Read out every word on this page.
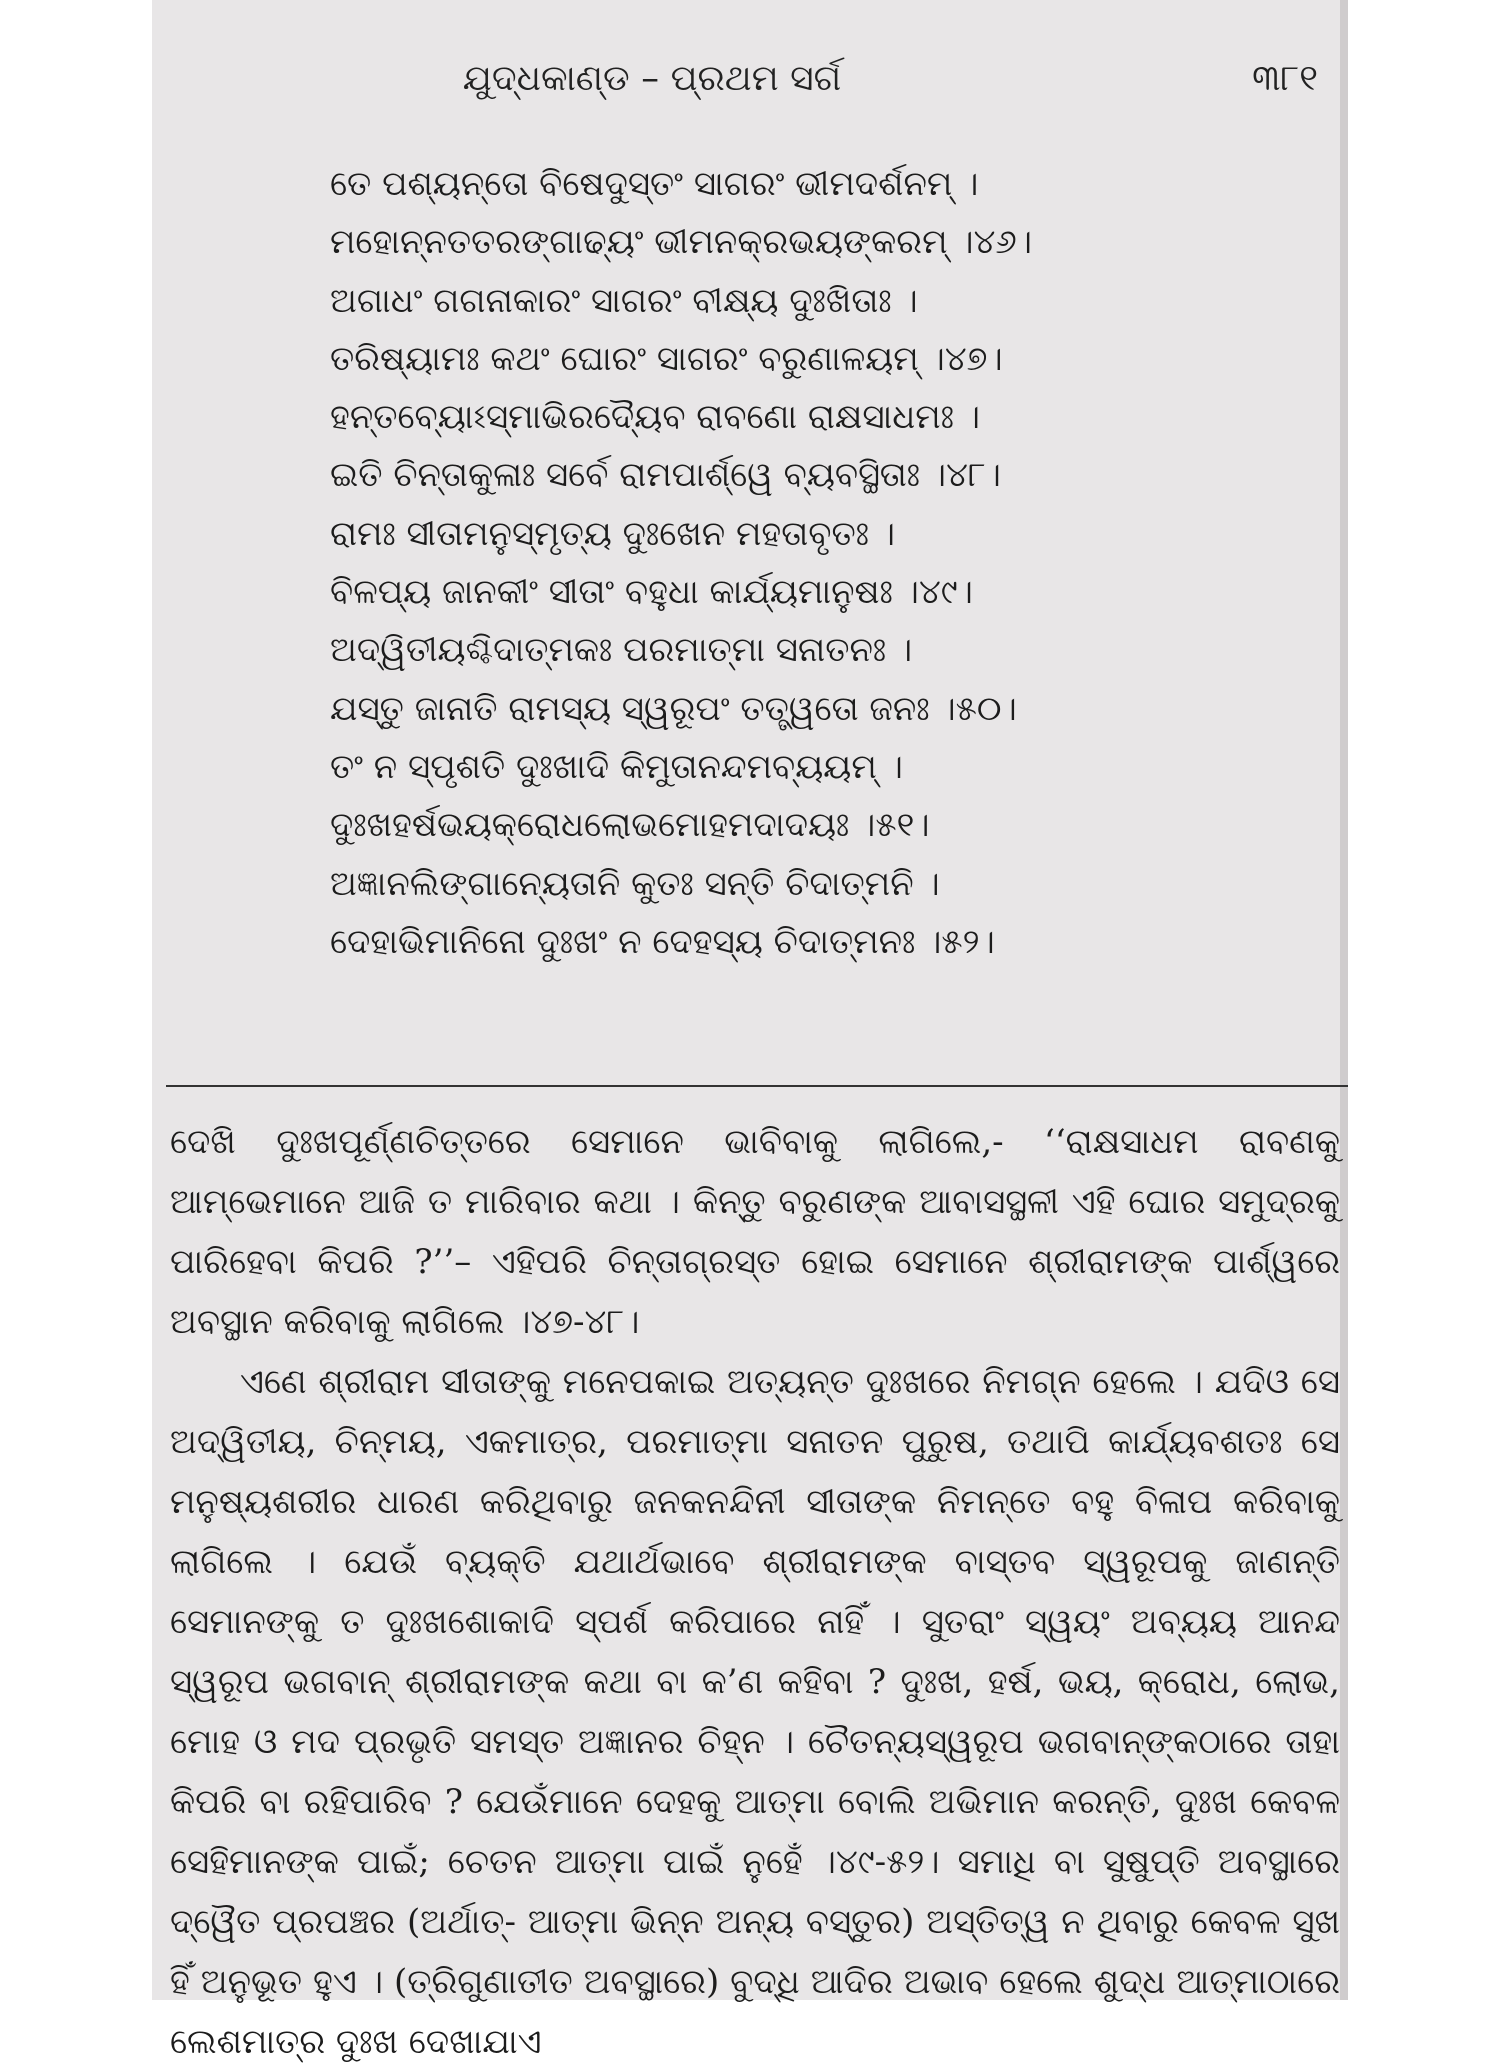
ଯୁଦ୍ଧକାଣ୍ଡ – ପ୍ରଥମ ସର୍ଗ	୩୮୧
ତେ ପଶ୍ୟନ୍ତୋ ବିଷେଦୁସ୍ତଂ ସାଗରଂ ଭୀମଦର୍ଶନମ୍ ।
ମହୋନ୍ନତତରଙ୍ଗାଢ୍ୟଂ ଭୀମନକ୍ରଭୟଙ୍କରମ୍ ।୪୬।
ଅଗାଧଂ ଗଗନାକାରଂ ସାଗରଂ ବୀକ୍ଷ୍ୟ ଦୁଃଖିତାଃ ।
ତରିଷ୍ୟାମଃ କଥଂ ଘୋରଂ ସାଗରଂ ବରୁଣାଳୟମ୍ ।୪୭।
ହନ୍ତବ୍ୟୋଽସ୍ମାଭିରଦ୍ୟୈବ ରାବଣୋ ରାକ୍ଷସାଧମଃ ।
ଇତି ଚିନ୍ତାକୁଳାଃ ସର୍ବେ ରାମପାର୍ଶ୍ୱେ ବ୍ୟବସ୍ଥିତାଃ ।୪୮।
ରାମଃ ସୀତାମନୁସ୍ମୃତ୍ୟ ଦୁଃଖେନ ମହତାବୃତଃ ।
ବିଳପ୍ୟ ଜାନକୀଂ ସୀତାଂ ବହୁଧା କାର୍ଯ୍ୟମାନୁଷଃ ।୪୯।
ଅଦ୍ୱିତୀୟଶ୍ଚିଦାତ୍ମକଃ ପରମାତ୍ମା ସନାତନଃ ।
ଯସ୍ତୁ ଜାନାତି ରାମସ୍ୟ ସ୍ୱରୂପଂ ତତ୍ତ୍ୱତୋ ଜନଃ ।୫୦।
ତଂ ନ ସ୍ପୃଶତି ଦୁଃଖାଦି କିମୁତାନନ୍ଦମବ୍ୟୟମ୍ ।
ଦୁଃଖହର୍ଷଭୟକ୍ରୋଧଲୋଭମୋହମଦାଦୟଃ ।୫୧।
ଅଜ୍ଞାନଲିଙ୍ଗାନ୍ୟେତାନି କୁତଃ ସନ୍ତି ଚିଦାତ୍ମନି ।
ଦେହାଭିମାନିନୋ ଦୁଃଖଂ ନ ଦେହସ୍ୟ ଚିଦାତ୍ମନଃ ।୫୨।

ଦେଖି ଦୁଃଖପୂର୍ଣ୍ଣଚିତ୍ତରେ ସେମାନେ ଭାବିବାକୁ ଲାଗିଲେ,- ‘‘ରାକ୍ଷସାଧମ ରାବଣକୁ ଆମ୍ଭେମାନେ ଆଜି ତ ମାରିବାର କଥା । କିନ୍ତୁ ବରୁଣଙ୍କ ଆବାସସ୍ଥଳୀ ଏହି ଘୋର ସମୁଦ୍ରକୁ ପାରିହେବା କିପରି ?’’– ଏହିପରି ଚିନ୍ତାଗ୍ରସ୍ତ ହୋଇ ସେମାନେ ଶ୍ରୀରାମଙ୍କ ପାର୍ଶ୍ୱରେ ଅବସ୍ଥାନ କରିବାକୁ ଲାଗିଲେ ।୪୭-୪୮।

ଏଣେ ଶ୍ରୀରାମ ସୀତାଙ୍କୁ ମନେପକାଇ ଅତ୍ୟନ୍ତ ଦୁଃଖରେ ନିମଗ୍ନ ହେଲେ । ଯଦିଓ ସେ ଅଦ୍ୱିତୀୟ, ଚିନ୍ମୟ, ଏକମାତ୍ର, ପରମାତ୍ମା ସନାତନ ପୁରୁଷ, ତଥାପି କାର୍ଯ୍ୟବଶତଃ ସେ ମନୁଷ୍ୟଶରୀର ଧାରଣ କରିଥିବାରୁ ଜନକନନ୍ଦିନୀ ସୀତାଙ୍କ ନିମନ୍ତେ ବହୁ ବିଳାପ କରିବାକୁ ଲାଗିଲେ । ଯେଉଁ ବ୍ୟକ୍ତି ଯଥାର୍ଥଭାବେ ଶ୍ରୀରାମଙ୍କ ବାସ୍ତବ ସ୍ୱରୂପକୁ ଜାଣନ୍ତି ସେମାନଙ୍କୁ ତ ଦୁଃଖଶୋକାଦି ସ୍ପର୍ଶ କରିପାରେ ନାହିଁ । ସୁତରାଂ ସ୍ୱୟଂ ଅବ୍ୟୟ ଆନନ୍ଦ ସ୍ୱରୂପ ଭଗବାନ୍ ଶ୍ରୀରାମଙ୍କ କଥା ବା କ’ଣ କହିବା ? ଦୁଃଖ, ହର୍ଷ, ଭୟ, କ୍ରୋଧ, ଲୋଭ, ମୋହ ଓ ମଦ ପ୍ରଭୃତି ସମସ୍ତ ଅଜ୍ଞାନର ଚିହ୍ନ । ଚୈତନ୍ୟସ୍ୱରୂପ ଭଗବାନ୍‌ଙ୍କଠାରେ ତାହା କିପରି ବା ରହିପାରିବ ? ଯେଉଁମାନେ ଦେହକୁ ଆତ୍ମା ବୋଲି ଅଭିମାନ କରନ୍ତି, ଦୁଃଖ କେବଳ ସେହିମାନଙ୍କ ପାଇଁ; ଚେତନ ଆତ୍ମା ପାଇଁ ନୁହେଁ ।୪୯-୫୨। ସମାଧି ବା ସୁଷୁପ୍ତି ଅବସ୍ଥାରେ ଦ୍ୱୈତ ପ୍ରପଞ୍ଚର (ଅର୍ଥାତ୍- ଆତ୍ମା ଭିନ୍ନ ଅନ୍ୟ ବସ୍ତୁର) ଅସ୍ତିତ୍ୱ ନ ଥିବାରୁ କେବଳ ସୁଖ ହିଁ ଅନୁଭୂତ ହୁଏ । (ତ୍ରିଗୁଣାତୀତ ଅବସ୍ଥାରେ) ବୁଦ୍ଧି ଆଦିର ଅଭାବ ହେଲେ ଶୁଦ୍ଧ ଆତ୍ମାଠାରେ ଲେଶମାତ୍ର ଦୁଃଖ ଦେଖାଯାଏ
